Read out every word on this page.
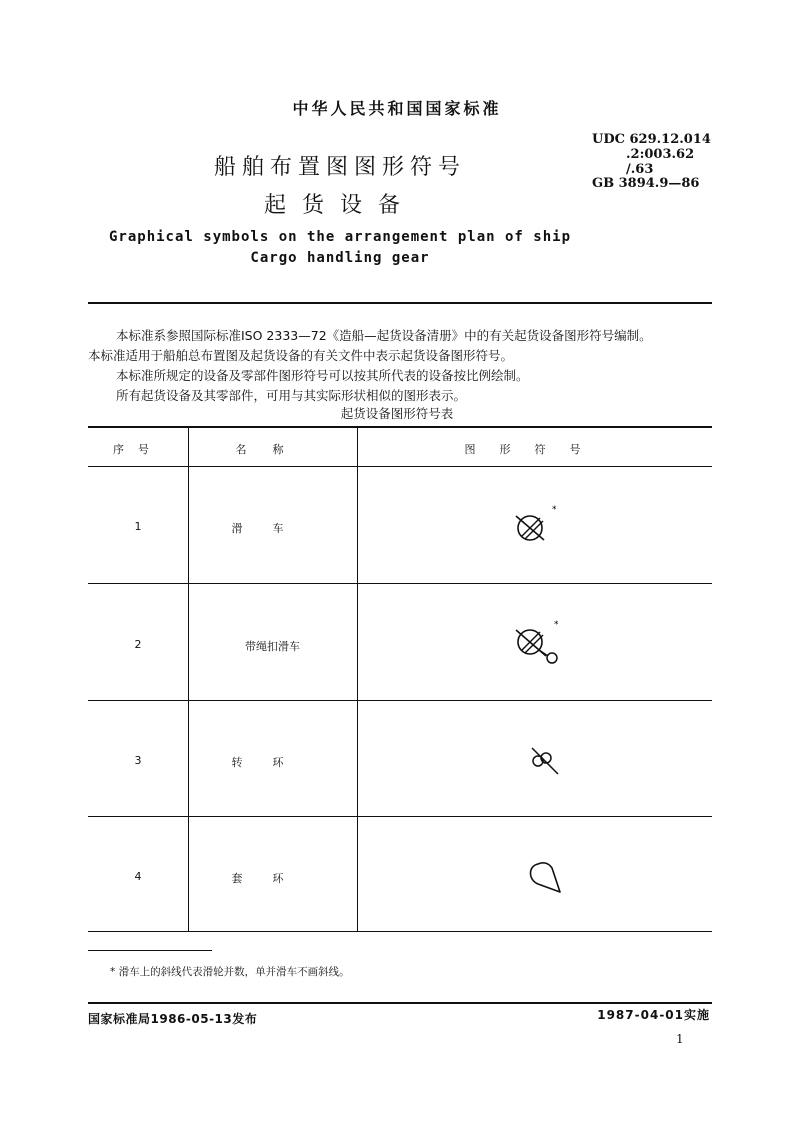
中华人民共和国国家标准
船舶布置图图形符号
起货设备
UDC 629.12.014
.2:003.62
/.63
GB 3894.9—86
Graphical symbols on the arrangement plan of ship
Cargo handling gear
本标准系参照国际标准ISO 2333—72《造船—起货设备清册》中的有关起货设备图形符号编制。
本标准适用于船舶总布置图及起货设备的有关文件中表示起货设备图形符号。
本标准所规定的设备及零部件图形符号可以按其所代表的设备按比例绘制。
所有起货设备及其零部件，可用与其实际形状相似的图形表示。
起货设备图形符号表
序号	名称	图形符号
1	滑车
*
2	带绳扣滑车
*
3	转环
4	套环
* 滑车上的斜线代表滑轮并数，单并滑车不画斜线。
国家标准局1986-05-13发布	1987-04-01实施
1
